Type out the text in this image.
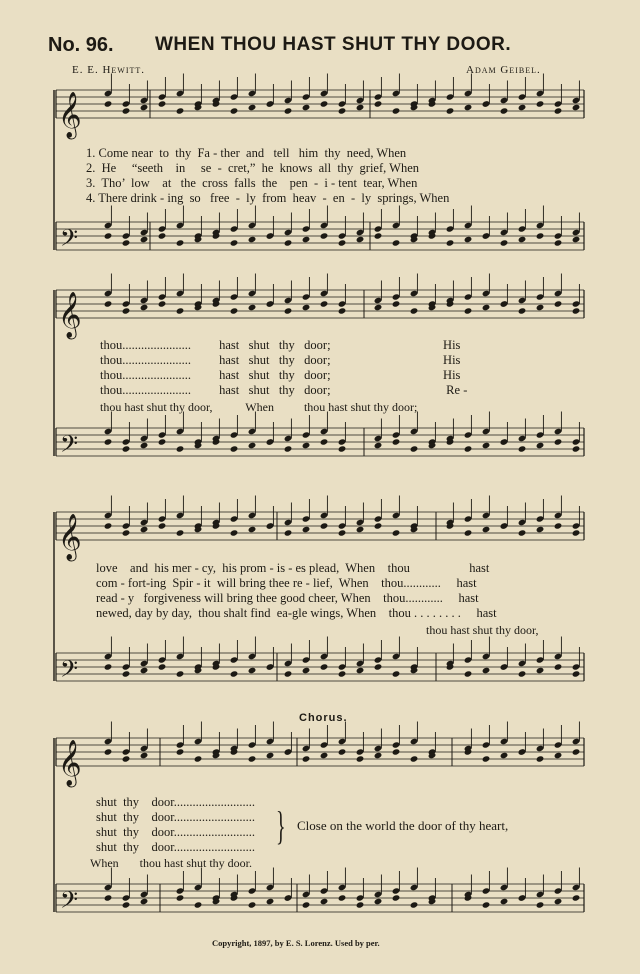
No. 96. WHEN THOU HAST SHUT THY DOOR.
E. E. Hewitt.	Adam Geibel.
𝄞
𝄢
𝄞
𝄢
𝄞
𝄢
𝄞
𝄢
1. Come near  to  thy  Fa - ther  and   tell   him  thy  need, When
2.  He     “seeth    in     se  -  cret,”  he  knows  all  thy  grief, When
3.  Tho’  low    at   the  cross  falls  the    pen  -  i - tent  tear, When
4. There drink - ing  so   free  -  ly  from  heav  -  en  -  ly  springs, When
thou......................         hast   shut   thy   door;                                    His
thou......................         hast   shut   thy   door;                                    His
thou......................         hast   shut   thy   door;                                    His
thou......................         hast   shut   thy   door;                                     Re -
thou hast shut thy door,           When          thou hast shut thy door;
love    and  his mer - cy,  his prom - is - es plead,  When    thou                   hast
com - fort-ing  Spir - it  will bring thee re - lief,  When    thou............     hast
read - y   forgiveness will bring thee good cheer, When    thou............     hast
newed, day by day,  thou shalt find  ea-gle wings, When    thou . . . . . . . .     hast
thou hast shut thy door,
Chorus.
shut  thy    door..........................
shut  thy    door..........................
shut  thy    door..........................
shut  thy    door..........................
When       thou hast shut thy door.
} Close on the world the door of thy heart,
Copyright, 1897, by E. S. Lorenz. Used by per.
